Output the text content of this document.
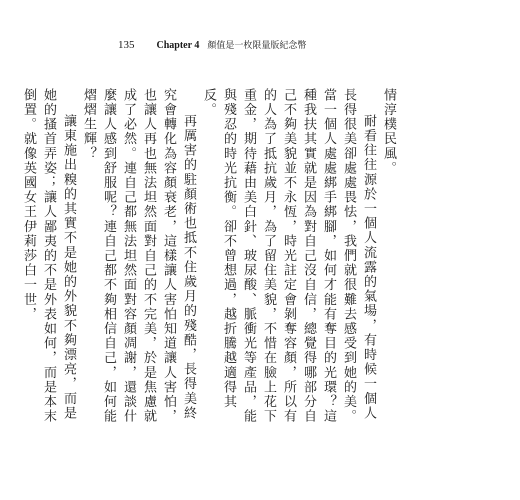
135 Chapter 4 顏值是一枚限量版紀念幣

情淳樸民風。

耐看往往源於一個人流露的氣場，有時候一個人長得很美卻處處畏怯，我們就很難去感受到她的美。當一個人處處綁手綁腳，如何才能有奪目的光環？這種我扶其實就是因為對自己沒自信，總覺得哪部分自己不夠美貌並不永恆，時光註定會剝奪容顏，所以有的人為了抵抗歲月，為了留住美貌，不惜在臉上花下重金，期待藉由美白針、玻尿酸、脈衝光等產品，能與殘忍的時光抗衡。卻不曾想過，越折騰越適得其反。

再厲害的駐顏術也抵不住歲月的殘酷，長得美終究會轉化為容顏衰老，這樣讓人害怕知道讓人害怕，也讓人再也無法坦然面對自己的不完美，於是焦慮就成了必然。連自己都無法坦然面對容顏凋謝，還談什麼讓人感到舒服呢？連自己都不夠相信自己，如何能熠熠生輝？

讓東施出糗的其實不是她的外貌不夠漂亮，而是她的搔首弄姿；讓人鄙夷的不是外表如何，而是本末倒置。就像英國女王伊莉莎白一世，
